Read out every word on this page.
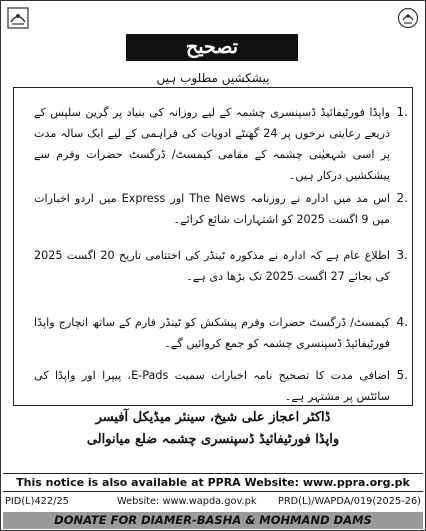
تصحیح
پیشکشیں مطلوب ہیں
1.
واپڈا فورٹیفائیڈ ڈسپنسری چشمہ کے لیے روزانہ کی بنیاد پر گرین سلپس کے ذریعے رعایتی نرخوں پر 24 گھنٹے ادویات کی فراہمی کے لیے ایک سالہ مدت پر اسی شہعیٰنی چشمہ کے مقامی کیمسٹ/ ڈرگسٹ حضرات وفرم سے پیشکشیں درکار ہیں۔
2.
اس مد میں ادارہ نے روزنامہ The News اور Express میں اردو اخبارات میں 9 اگست 2025 کو اشتہارات شائع کرائے۔
3.
اطلاع عام ہے کہ ادارہ نے مذکورہ ٹینڈر کی اختتامی تاریخ 20 اگست 2025 کی بجائے 27 اگست 2025 تک بڑھا دی ہے۔
4.
کیمسٹ/ ڈرگسٹ حضرات وفرم پیشکش کو ٹینڈر فارم کے ساتھ انچارج واپڈا فورٹیفائیڈ ڈسپنسری چشمہ کو جمع کروائیں گے۔
5.
اضافی مدت کا تصحیح نامہ اخبارات سمیت E-Pads، پیپرا اور واپڈا کی سائٹس پر مشتہر ہے۔
ڈاکٹر اعجاز علی شیخ، سینئر میڈیکل آفیسر
واپڈا فورٹیفائیڈ ڈسپنسری چشمہ ضلع میانوالی
This notice is also available at PPRA Website: www.ppra.org.pk
PID(L)422/25	Website: www.wapda.gov.pk PRD(L)/WAPDA/019(2025-26)
DONATE FOR DIAMER-BASHA & MOHMAND DAMS
